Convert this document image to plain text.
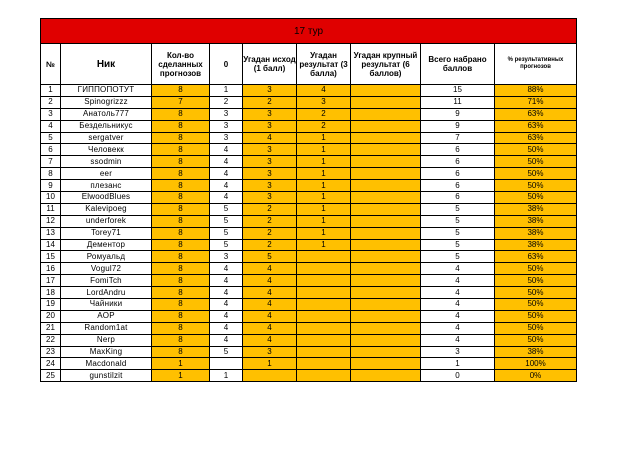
17 тур								
№	Ник	Кол-во сделанных прогнозов	0	Угадан исход (1 балл)	Угадан результат (3 балла)	Угадан крупный результат (6 баллов)	Всего набрано баллов	% результативных прогнозов
1	ГИППОПОТУТ	8	1	3	4		15	88%
2	Spinogrizzz	7	2	2	3		11	71%
3	Анатоль777	8	3	3	2		9	63%
4	Бездельникус	8	3	3	2		9	63%
5	sergatver	8	3	4	1		7	63%
6	Человекк	8	4	3	1		6	50%
7	ssodmin	8	4	3	1		6	50%
8	eer	8	4	3	1		6	50%
9	плезанс	8	4	3	1		6	50%
10	ElwoodBlues	8	4	3	1		6	50%
11	Kalevipoeg	8	5	2	1		5	38%
12	underforek	8	5	2	1		5	38%
13	Torey71	8	5	2	1		5	38%
14	Дементор	8	5	2	1		5	38%
15	Ромуальд	8	3	5			5	63%
16	Vogul72	8	4	4			4	50%
17	FomiTch	8	4	4			4	50%
18	LordAndru	8	4	4			4	50%
19	Чайники	8	4	4			4	50%
20	AOP	8	4	4			4	50%
21	Random1at	8	4	4			4	50%
22	Nerp	8	4	4			4	50%
23	MaxKing	8	5	3			3	38%
24	Macdonald	1		1			1	100%
25	gunstilzit	1	1				0	0%
